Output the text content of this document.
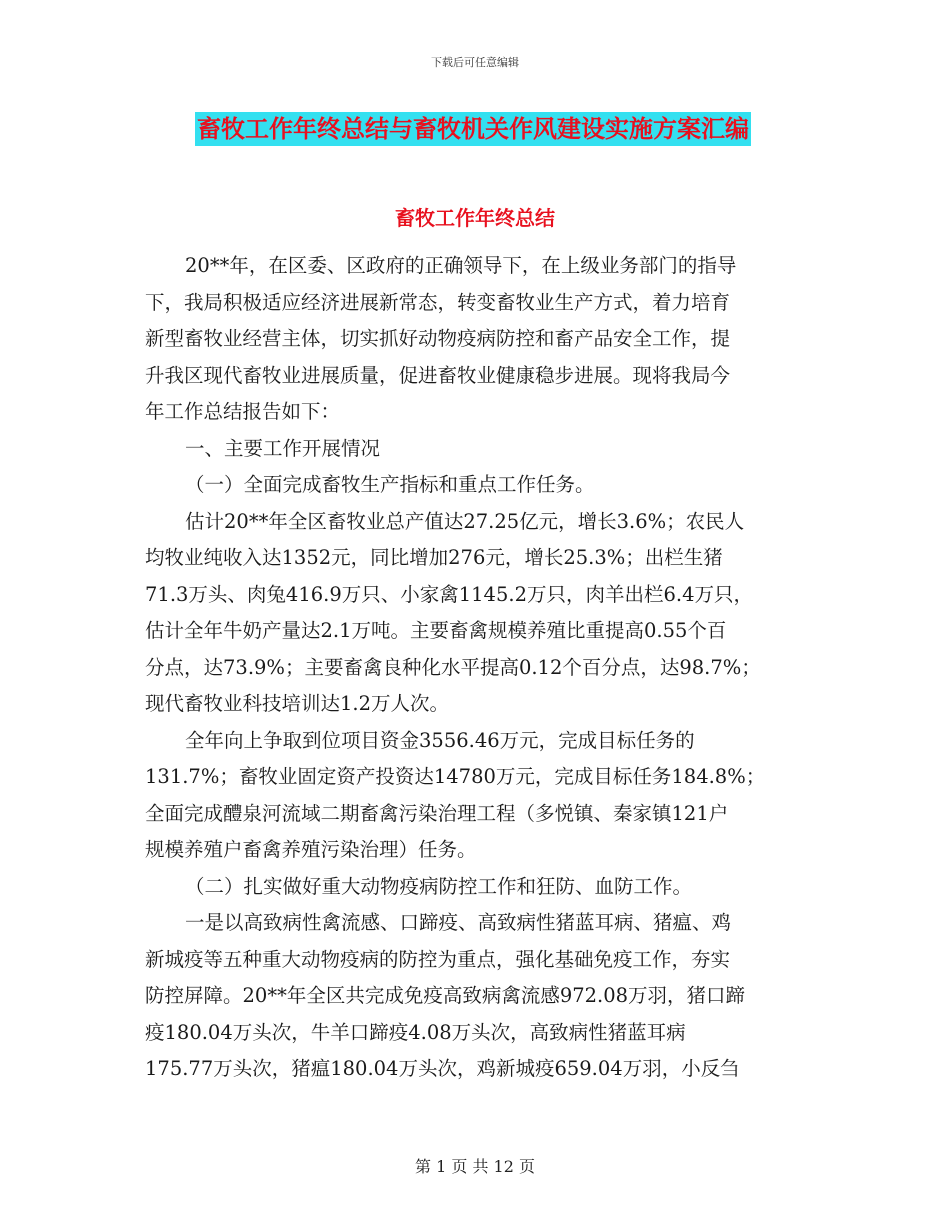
下载后可任意编辑
畜牧工作年终总结与畜牧机关作风建设实施方案汇编
畜牧工作年终总结
20**年，在区委、区政府的正确领导下，在上级业务部门的指导
下，我局积极适应经济进展新常态，转变畜牧业生产方式，着力培育
新型畜牧业经营主体，切实抓好动物疫病防控和畜产品安全工作，提
升我区现代畜牧业进展质量，促进畜牧业健康稳步进展。现将我局今
年工作总结报告如下：
一、主要工作开展情况
（一）全面完成畜牧生产指标和重点工作任务。
估计20**年全区畜牧业总产值达27.25亿元，增长3.6%；农民人
均牧业纯收入达1352元，同比增加276元，增长25.3%；出栏生猪
71.3万头、肉兔416.9万只、小家禽1145.2万只，肉羊出栏6.4万只，
估计全年牛奶产量达2.1万吨。主要畜禽规模养殖比重提高0.55个百
分点，达73.9%；主要畜禽良种化水平提高0.12个百分点，达98.7%；
现代畜牧业科技培训达1.2万人次。
全年向上争取到位项目资金3556.46万元，完成目标任务的
131.7%；畜牧业固定资产投资达14780万元，完成目标任务184.8%；
全面完成醴泉河流域二期畜禽污染治理工程（多悦镇、秦家镇121户
规模养殖户畜禽养殖污染治理）任务。
（二）扎实做好重大动物疫病防控工作和狂防、血防工作。
一是以高致病性禽流感、口蹄疫、高致病性猪蓝耳病、猪瘟、鸡
新城疫等五种重大动物疫病的防控为重点，强化基础免疫工作，夯实
防控屏障。20**年全区共完成免疫高致病禽流感972.08万羽，猪口蹄
疫180.04万头次，牛羊口蹄疫4.08万头次，高致病性猪蓝耳病
175.77万头次，猪瘟180.04万头次，鸡新城疫659.04万羽，小反刍
第 1 页 共 12 页
